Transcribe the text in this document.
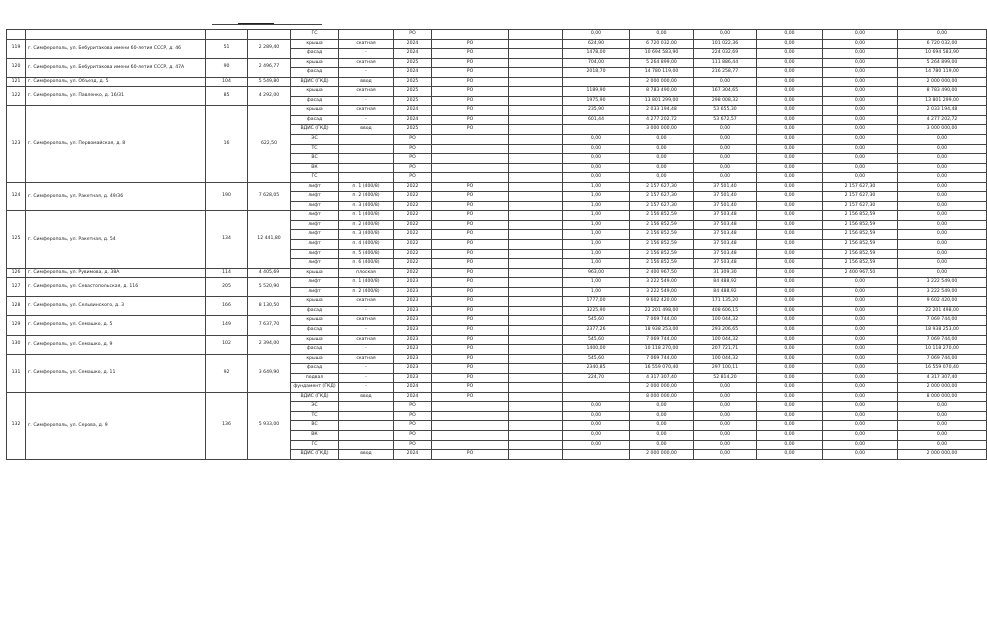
				ГС		РО			0,00	0,00	0,00	0,00	0,00	0,00
119	г. Симферополь, ул. Бебуритакова имени 60-летия СССР, д. 46	51	2 289,40	крыша	скатная	2024	РО		624,90	6 720 032,00	101 022,36	0,00	0,00	6 720 032,00
				фасад	-	2024	РО		1478,00	10 694 583,90	224 032,69	0,00	0,00	10 694 583,90
120	г. Симферополь, ул. Бебуритакова имени 60-летия СССР, д. 47А	90	2 496,77	крыша	скатная	2025	РО		704,00	5 264 899,00	111 886,44	0,00	0,00	5 264 899,00
				фасад	-	2024	РО		2018,70	14 780 119,00	216 258,77	0,00	0,00	14 780 119,00
121	г. Симферополь, ул. Объезд, д. 5	104	5 549,80	ВДИС (ГКД)	ввод	2025	РО			2 000 000,00	0,00	0,00	0,00	2 000 000,00
122	г. Симферополь, ул. Павленко, д. 16/31	85	4 292,00	крыша	скатная	2025	РО		1189,90	8 783 490,00	167 304,65	0,00	0,00	8 783 490,00
				фасад	-	2025	РО		1975,90	13 801 299,00	298 008,32	0,00	0,00	13 801 299,00
123	г. Симферополь, ул. Первомайская, д. 8	16	622,50	крыша	скатная	2024	РО		235,90	2 033 194,48	53 655,30	0,00	0,00	2 033 194,48
				фасад	-	2024	РО		601,44	4 277 202,72	53 672,57	0,00	0,00	4 277 202,72
				ВДИС (ГКД)	ввод	2025	РО			3 000 000,00	0,00	0,00	0,00	3 000 000,00
				ЭС		РО			0,00	0,00	0,00	0,00	0,00	0,00
				ТС		РО			0,00	0,00	0,00	0,00	0,00	0,00
				ВС		РО			0,00	0,00	0,00	0,00	0,00	0,00
				ВК		РО			0,00	0,00	0,00	0,00	0,00	0,00
				ГС		РО			0,00	0,00	0,00	0,00	0,00	0,00
124	г. Симферополь, ул. Ракетная, д. 49/36	190	7 628,05	лифт	п. 1 (400/8)	2022	РО		1,00	2 157 627,30	37 501,40	0,00	2 157 627,30	0,00
				лифт	п. 2 (400/8)	2022	РО		1,00	2 157 627,30	37 501,40	0,00	2 157 627,30	0,00
				лифт	п. 3 (400/8)	2022	РО		1,00	2 157 627,30	37 501,40	0,00	2 157 627,30	0,00
125	г. Симферополь, ул. Ракетная, д. 54	134	12 441,80	лифт	п. 1 (400/8)	2022	РО		1,00	2 156 852,59	37 503,48	0,00	2 156 852,59	0,00
				лифт	п. 2 (400/8)	2022	РО		1,00	2 156 852,59	37 503,48	0,00	2 156 852,59	0,00
				лифт	п. 3 (400/8)	2022	РО		1,00	2 156 852,59	37 503,48	0,00	2 156 852,59	0,00
				лифт	п. 4 (400/8)	2022	РО		1,00	2 156 852,59	37 503,48	0,00	2 156 852,59	0,00
				лифт	п. 5 (400/8)	2022	РО		1,00	2 156 852,59	37 503,48	0,00	2 156 852,59	0,00
				лифт	п. 6 (400/8)	2022	РО		1,00	2 156 852,59	37 503,48	0,00	2 156 852,59	0,00
126	г. Симферополь, ул. Рувимова, д. 38А	114	4 405,69	крыша	плоская	2022	РО		963,00	2 400 967,50	31 309,30	0,00	2 400 967,50	0,00
127	г. Симферополь, ул. Севастопольская, д. 116	205	5 520,90	лифт	п. 1 (400/8)	2023	РО		1,00	3 222 549,00	84 488,92	0,00	0,00	3 222 549,00
				лифт	п. 2 (400/8)	2023	РО		1,00	3 222 549,00	84 488,92	0,00	0,00	3 222 549,00
128	г. Симферополь, ул. Сельвинского, д. 3	166	8 130,50	крыша	скатная	2023	РО		1777,00	9 602 420,00	171 135,20	0,00	0,00	9 602 420,00
				фасад	-	2023	РО		3225,90	22 201 498,00	408 606,15	0,00	0,00	22 201 498,00
129	г. Симферополь, ул. Семашко, д. 5	149	7 637,70	крыша	скатная	2023	РО		545,60	7 069 744,00	100 044,32	0,00	0,00	7 069 744,00
				фасад	-	2023	РО		2377,26	18 938 253,00	293 206,65	0,00	0,00	18 938 253,00
130	г. Симферополь, ул. Семашко, д. 9	102	2 394,00	крыша	скатная	2023	РО		545,60	7 069 744,00	100 044,32	0,00	0,00	7 069 744,00
				фасад	-	2023	РО		1400,00	10 118 270,00	207 721,71	0,00	0,00	10 118 270,00
131	г. Симферополь, ул. Семашко, д. 11	92	3 649,90	крыша	скатная	2023	РО		545,60	7 069 744,00	100 044,32	0,00	0,00	7 069 744,00
				фасад	-	2023	РО		2340,85	16 559 070,40	297 100,11	0,00	0,00	16 559 070,40
				подвал	-	2023	РО		224,70	4 317 307,40	52 814,20	0,00	0,00	4 317 307,40
				фундамент (ГКД)	-	2024	РО			2 000 000,00	0,00	0,00	0,00	2 000 000,00
132	г. Симферополь, ул. Серова, д. 9	136	5 933,00	ВДИС (ГКД)	ввод	2024	РО			8 000 000,00	0,00	0,00	0,00	8 000 000,00
				ЭС		РО			0,00	0,00	0,00	0,00	0,00	0,00
				ТС		РО			0,00	0,00	0,00	0,00	0,00	0,00
				ВС		РО			0,00	0,00	0,00	0,00	0,00	0,00
				ВК		РО			0,00	0,00	0,00	0,00	0,00	0,00
				ГС		РО			0,00	0,00	0,00	0,00	0,00	0,00
				ВДИС (ГКД)	ввод	2024	РО			2 000 000,00	0,00	0,00	0,00	2 000 000,00
